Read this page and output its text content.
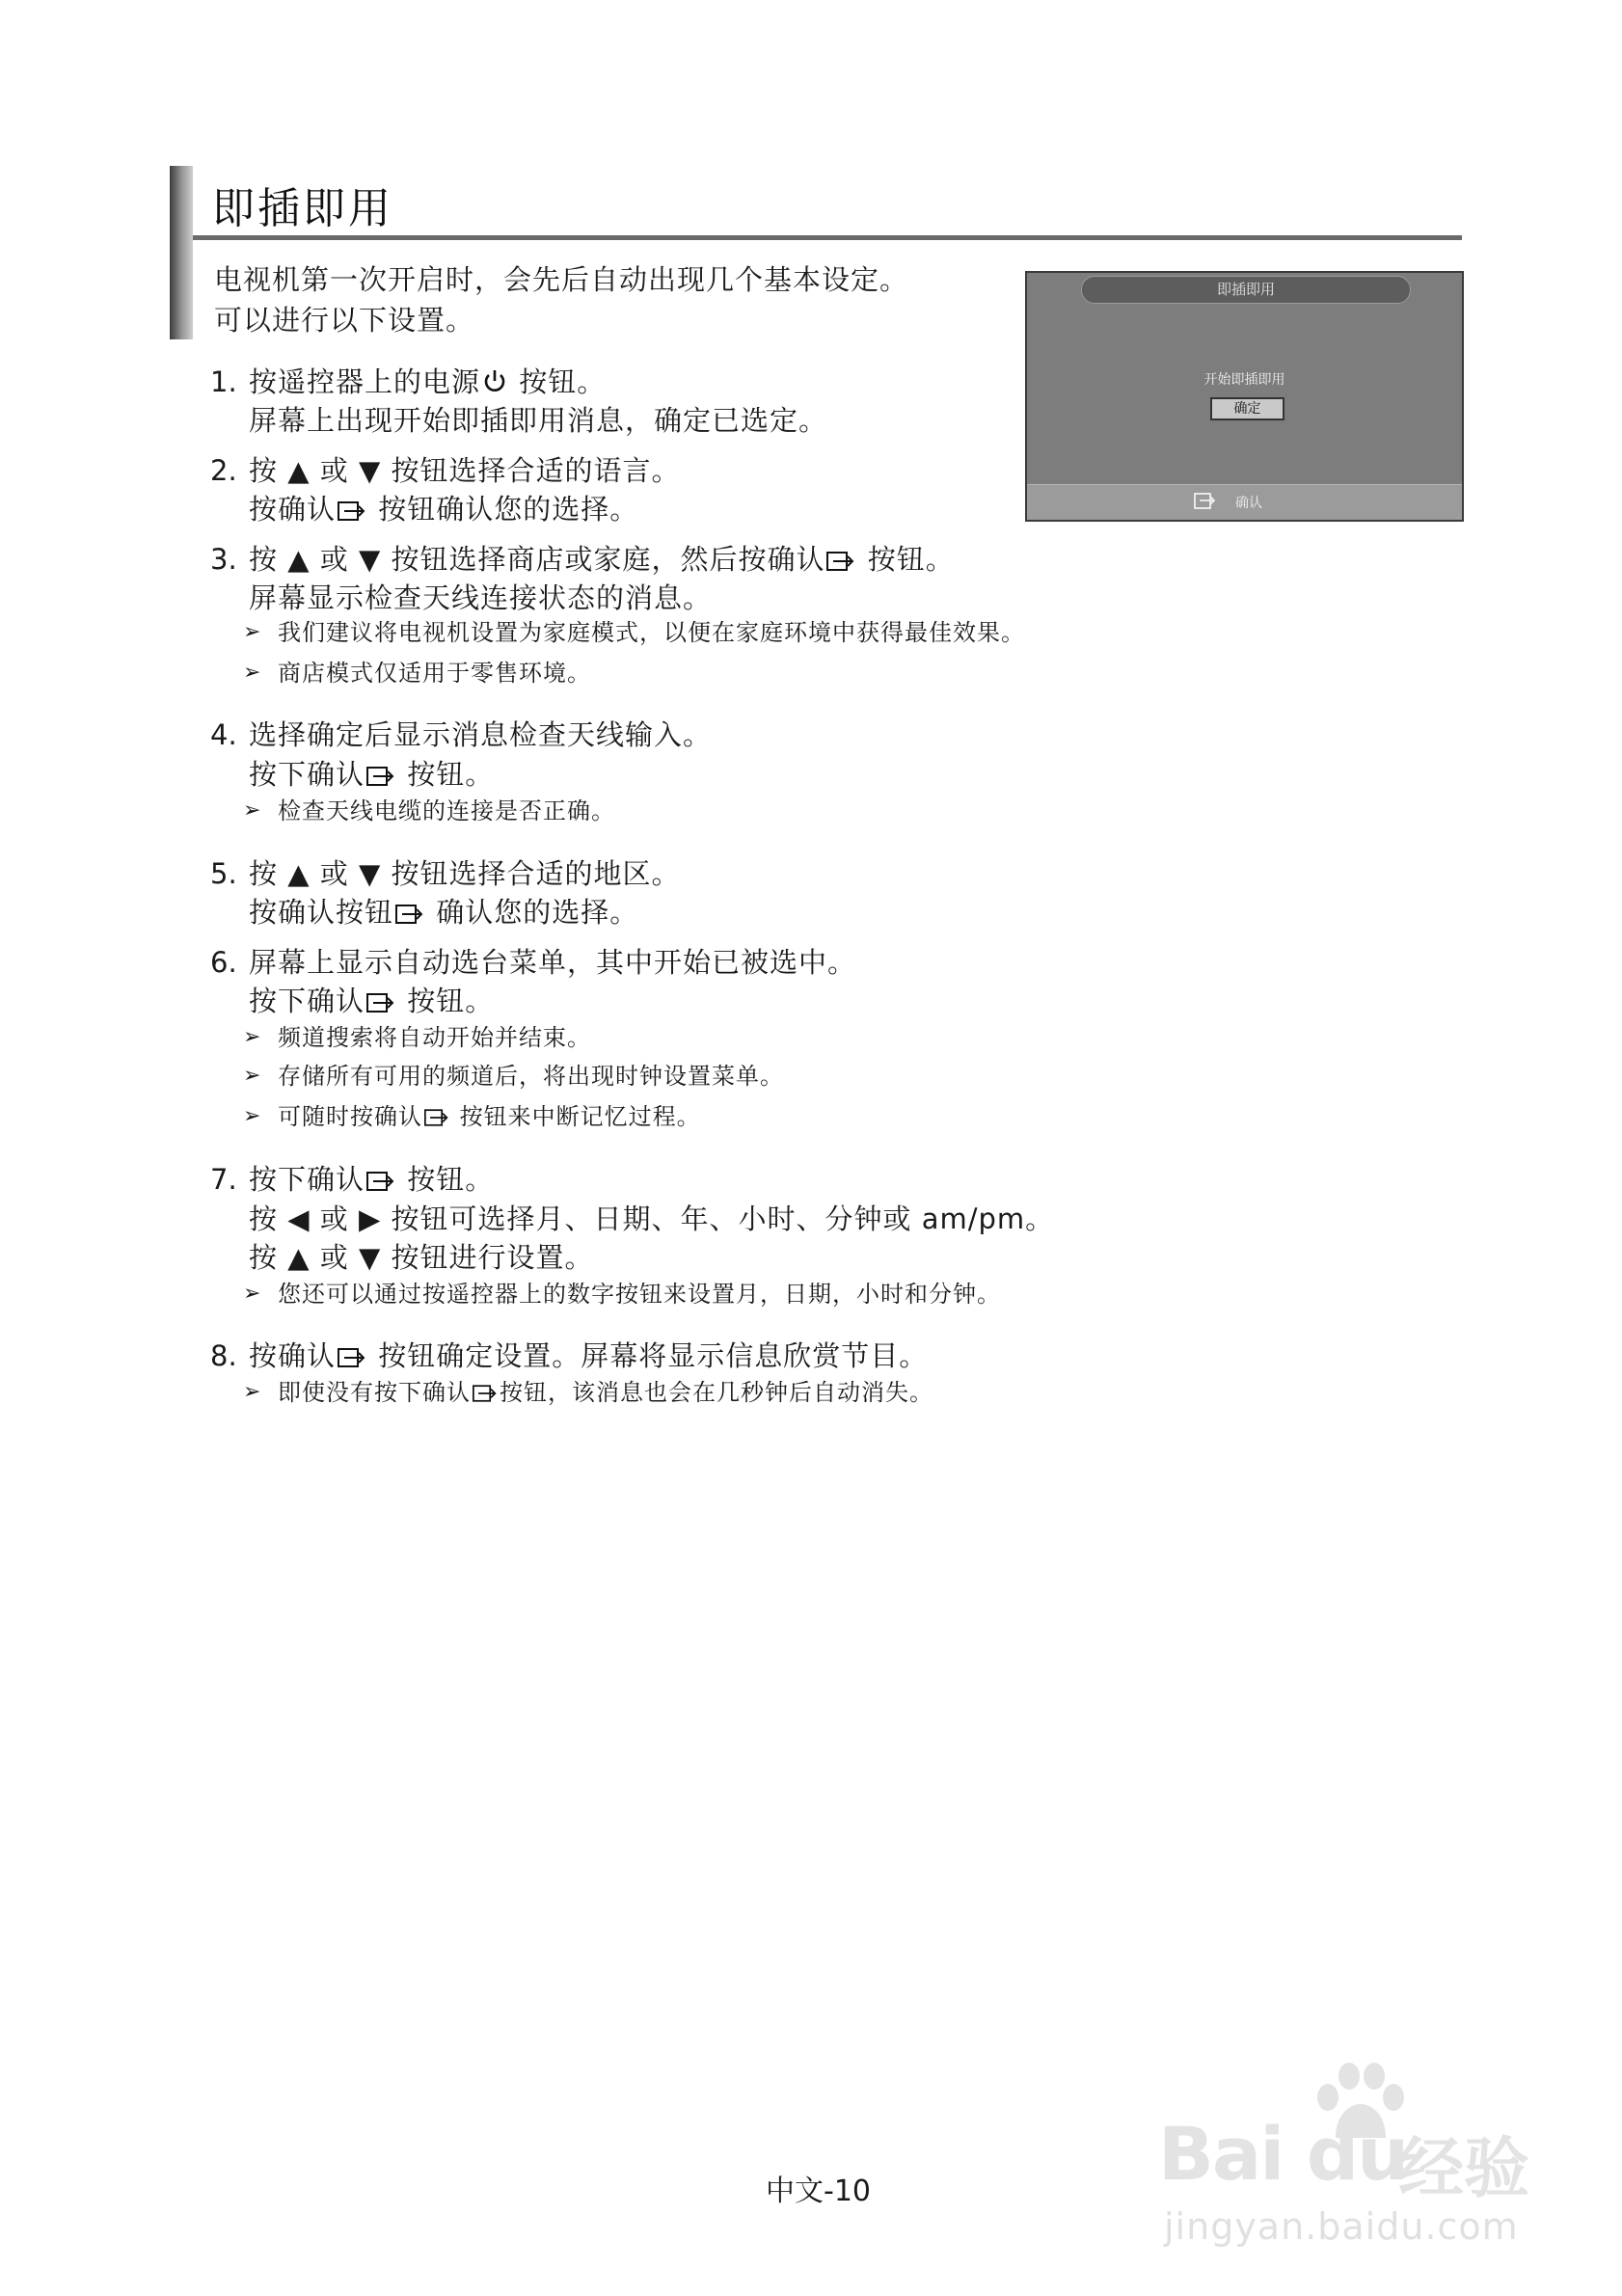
即插即用
电视机第一次开启时，会先后自动出现几个基本设定。
可以进行以下设置。
即插即用
开始即插即用
确定
确认
1. 按遥控器上的电源 按钮。
屏幕上出现开始即插即用消息，确定已选定。
2. 按 ▲ 或 ▼ 按钮选择合适的语言。
按确认 按钮确认您的选择。
3. 按 ▲ 或 ▼ 按钮选择商店或家庭，然后按确认 按钮。
屏幕显示检查天线连接状态的消息。
➢ 我们建议将电视机设置为家庭模式，以便在家庭环境中获得最佳效果。
➢ 商店模式仅适用于零售环境。
4. 选择确定后显示消息检查天线输入。
按下确认 按钮。
➢ 检查天线电缆的连接是否正确。
5. 按 ▲ 或 ▼ 按钮选择合适的地区。
按确认按钮 确认您的选择。
6. 屏幕上显示自动选台菜单，其中开始已被选中。
按下确认 按钮。
➢ 频道搜索将自动开始并结束。
➢ 存储所有可用的频道后，将出现时钟设置菜单。
➢ 可随时按确认 按钮来中断记忆过程。
7. 按下确认 按钮。
按 ◀ 或 ▶ 按钮可选择月、日期、年、小时、分钟或 am/pm。
按 ▲ 或 ▼ 按钮进行设置。
➢ 您还可以通过按遥控器上的数字按钮来设置月，日期，小时和分钟。
8. 按确认 按钮确定设置。屏幕将显示信息欣赏节目。
➢ 即使没有按下确认 按钮，该消息也会在几秒钟后自动消失。
中文-10	Bai du
经验
jingyan.baidu.com
